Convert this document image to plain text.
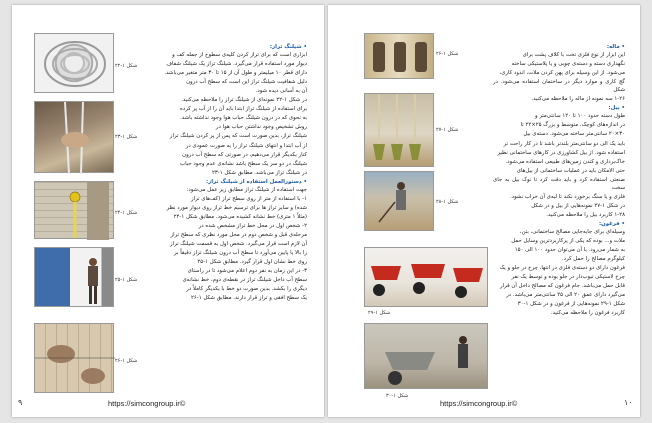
• شیلنگ تراز:

ابزاری است که برای تراز کردن کلیه‌ی سطوح از جمله کف و

دیوار مورد استفاده قرار می‌گیرد. شیلنگ تراز یک شیلنگ شفاف

دارای قطر ۱۰ میلیمتر و طول آن از ۱۵ تا ۳۰ متر متغیر می‌باشد.

دلیل شفافیت شیلنگ تراز این است که سطح آب درون

آن به آسانی دیده شود.

در شکل ۱-۲۲ نمونه‌ای از شیلنگ تراز را ملاحظه می‌کنید.

برای استفاده از شیلنگ تراز ابتدا باید آن را از آب پر کرده

به نحوی که در درون شیلنگ حباب هوا وجود نداشته باشد.

روش تشخیص وجود نداشتن حباب هوا در

شیلنگ تراز، بدین صورت است که پس از پر کردن شیلنگ تراز

از آب ابتدا و انتهای شیلنگ تراز را به صورت عمودی در

کنار یکدیگر قرار می‌دهیم، در صورتی که سطح آب درون

شیلنگ در دو سر یک سطح باشد نشانه‌ی عدم وجود حباب

در شیلنگ تراز می‌باشد. مطابق شکل ۱-۲۳

• دستورالعمل استفاده از شیلنگ تراز:

جهت استفاده از شیلنگ تراز مطابق زیر عمل می‌شود:

۱- با استفاده از متر از روی سطح تراز (کف‌های تراز

شده) و سایر تراز ها برای ترسیم خط تراز روی دیوار مورد نظر

(مثلاً ۱ متری) خط نشانه کشیده می‌شود. مطابق شکل ۱-۲۴

۲- شخص اول در محل خط تراز مشخص شده در

مرحله‌ی قبل و شخص دوم در محل مورد نظری که سطح تراز

آن لازم است قرار می‌گیرد. شخص اول به قسمت شیلنگ تراز

را بالا یا پایین می‌آورد تا سطح آب درون شیلنگ تراز دقیقاً بر

روی خط نشان اول قرار گیرد. مطابق شکل ۱-۲۵

۳- در این زمان به نفر دوم اعلام می‌شود تا در راستای

سطح آب داخل شیلنگ تراز در نقطه‌ی دوم، خط نشانه‌ی

دیگری را بکشد. بدین صورت دو خط با یکدیگر کاملاً در

یک سطح افقی و تراز قرار دارند. مطابق شکل ۱-۲۶

شکل ۱-۲۲
شکل ۱-۲۳
شکل ۱-۲۴
شکل ۱-۲۵
شکل ۱-۲۶
۹	https://simcongroup.ir©

• ماله:

این ابزار از نوع فلزی تخت با کلاف پشت برای

نگهداری دسته و دسته‌ی چوبی و یا پلاستیکی ساخته

می‌شود. از این وسیله برای پهن کردن ملات، اندود کاری،

گچ کاری و موارد دیگر در ساختمان استفاده می‌شود. در شکل

۱-۲۶ سه نمونه از ماله را ملاحظه می‌کنید.

• بیل:

طول دسته حدود ۱۰۰ تا ۱۲۰ سانتی‌متر و

در اندازه‌های کوچک، متوسط و بزرگ ۲۵×۲۲ تا

۳۰×۲۰ سانتی‌متر ساخته می‌شود. دسته‌ی بیل

باید یک الی دو سانتی‌متر بلندتر باشد تا در کار راحت تر

استفاده شود. از بیل کشاورزی در کارهای ساختمانی نظیر

خاک‌برداری و کندن زمین‌های طبیعی استفاده می‌شود.

حتی الامکان باید در عملیات ساختمانی از بیل‌های

صنعتی استفاده کرد و باید دقت کرد تا نوک بیل به جای سخت

فلزی و یا سنگ برخورد نکند تا لبه‌ی آن خراب نشود.

در شکل ۱-۲۷ نمونه‌هایی از بیل و در شکل

۱-۲۸ کاربرد بیل را ملاحظه می‌کنید.

• فرغون:

وسیله‌ای برای جابه‌جایی مصالح ساختمانی، بتن،

ملات و... بوده که یکی از پرکاربردترین وسایل حمل

به شمار می‌رود. با آن می‌توان حدود ۱۰۰ الی ۱۵۰

کیلوگرم مصالح را حمل کرد.

فرغون دارای دو دسته‌ی فلزی در انتها، چرخ در جلو و یک

چرخ لاستیکی تیوب‌دار در جلو بوده و توسط یک نفر

قابل حمل می‌باشد. جام فرغون که مصالح داخل آن قرار

می‌گیرد دارای عمق ۲۰ الی ۲۵ سانتی‌متر می‌باشد. در

شکل ۱-۲۹ نمونه‌هایی از فرغون و در شکل ۱-۳۰

کاربرد فرغون را ملاحظه می‌کنید.

شکل ۱-۲۶
شکل ۱-۲۷
شکل ۱-۲۸
شکل ۱-۲۹
شکل ۱-۳۰
۱۰
https://simcongroup.ir©
